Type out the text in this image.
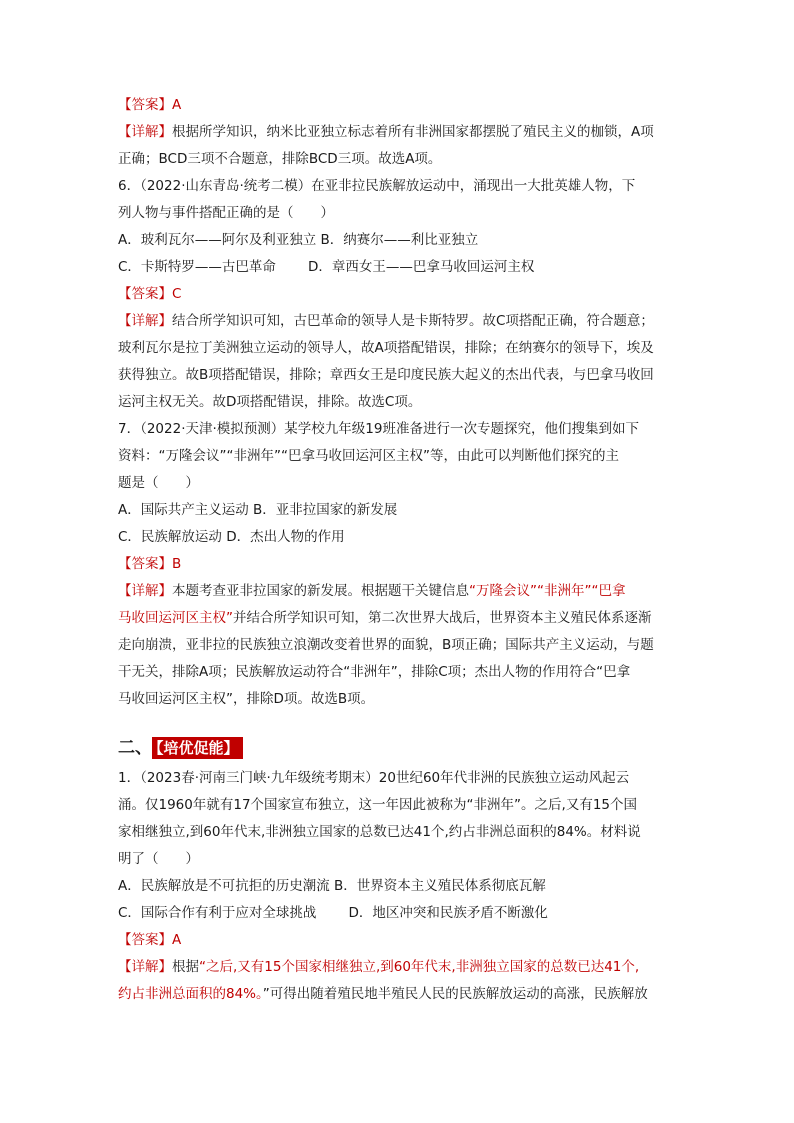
【答案】A
【详解】根据所学知识，纳米比亚独立标志着所有非洲国家都摆脱了殖民主义的枷锁，A项
正确；BCD三项不合题意，排除BCD三项。故选A项。
6．（2022·山东青岛·统考二模）在亚非拉民族解放运动中，涌现出一大批英雄人物，下
列人物与事件搭配正确的是（　　）
A．玻利瓦尔——阿尔及利亚独立 B．纳赛尔——利比亚独立
C．卡斯特罗——古巴革命 D．章西女王——巴拿马收回运河主权
【答案】C
【详解】结合所学知识可知，古巴革命的领导人是卡斯特罗。故C项搭配正确，符合题意；
玻利瓦尔是拉丁美洲独立运动的领导人，故A项搭配错误，排除；在纳赛尔的领导下，埃及
获得独立。故B项搭配错误，排除；章西女王是印度民族大起义的杰出代表，与巴拿马收回
运河主权无关。故D项搭配错误，排除。故选C项。
7．（2022·天津·模拟预测）某学校九年级19班准备进行一次专题探究，他们搜集到如下
资料：“万隆会议”“非洲年”“巴拿马收回运河区主权”等，由此可以判断他们探究的主
题是（　　）
A．国际共产主义运动 B．亚非拉国家的新发展
C．民族解放运动 D．杰出人物的作用
【答案】B
【详解】本题考查亚非拉国家的新发展。根据题干关键信息“万隆会议”“非洲年”“巴拿
马收回运河区主权”并结合所学知识可知，第二次世界大战后，世界资本主义殖民体系逐渐
走向崩溃，亚非拉的民族独立浪潮改变着世界的面貌，B项正确；国际共产主义运动，与题
干无关，排除A项；民族解放运动符合“非洲年”，排除C项；杰出人物的作用符合“巴拿
马收回运河区主权”，排除D项。故选B项。
二、 【培优促能】
1．（2023春·河南三门峡·九年级统考期末）20世纪60年代非洲的民族独立运动风起云
涌。仅1960年就有17个国家宣布独立，这一年因此被称为“非洲年”。之后,又有15个国
家相继独立,到60年代末,非洲独立国家的总数已达41个,约占非洲总面积的84%。材料说
明了（　　）
A．民族解放是不可抗拒的历史潮流 B．世界资本主义殖民体系彻底瓦解
C．国际合作有利于应对全球挑战 D．地区冲突和民族矛盾不断激化
【答案】A
【详解】根据“之后,又有15个国家相继独立,到60年代末,非洲独立国家的总数已达41个,
约占非洲总面积的84%。”可得出随着殖民地半殖民人民的民族解放运动的高涨，民族解放
